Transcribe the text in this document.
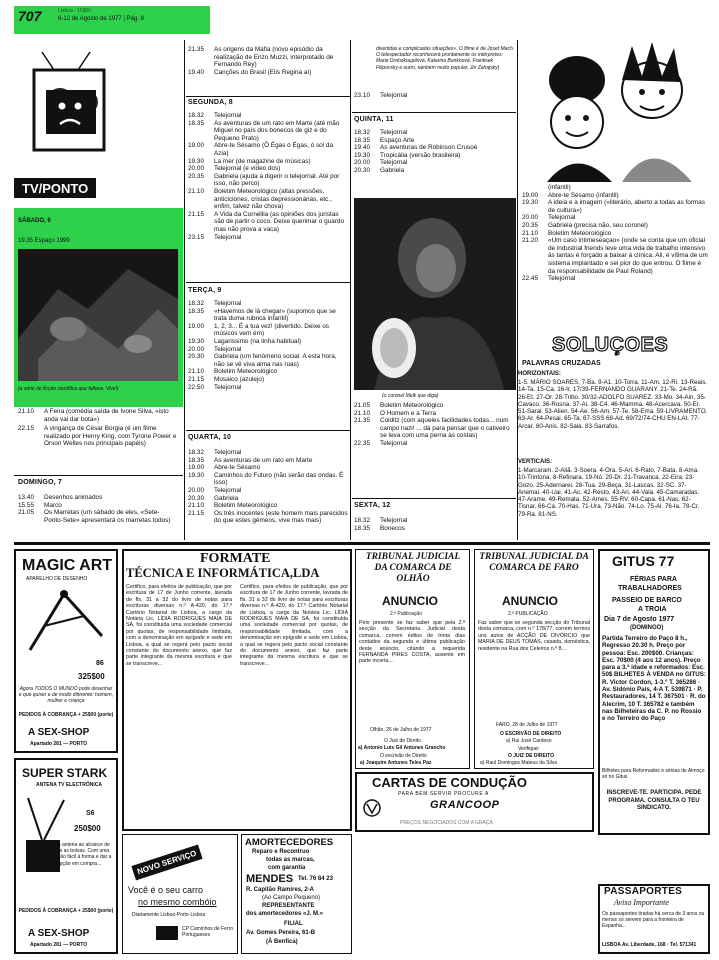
707	Lisboa · 15$00
6-12 de Agosto de 1977 | Pág. 8
TV/PONTO
SÁBADO, 6
19.35 Espaço 1999
(a série de ficção científica que faltava. Vive!)
21.10	A Feira (comédia saída de Ivone Silva, «isto anda vai dar bota»)
22.15	A vingança de César Borgia (é um filme realizado por Henry King, com Tyrone Power e Orson Welles nos principais papéis)
DOMINGO, 7
13.40	Desenhos animados
15.55	Marco
21.05	Os Marretas (um sábado de eles, «Sete-Ponto-Sete» apresentará os marretas todos)
21.35	As origens da Mafia (novo episódio da realização de Enzo Muzzi, interpretado de Fernando Rey)
19.40	Canções do Brasil (Elis Regina aí)
SEGUNDA, 8
18.32	Telejornal
18.35	As aventuras de um rato em Marte (até mão Miguel no país dos bonecos de giz e do Pequeno Prato)
19.00	Abre-te Sésamo (Ô Égas ó Égas, ó sol da Azia)
19.30	La mer (de magazine de músicas)
20.00	Telejornal (e vídeo dos)
20.35	Gabriela (ajuda a digerir o telejornal. Até por isso, não perco)
21.10	Boletim Meteorológico (altas pressões, anticiclones, cristas depressionárias, etc., enfim, talvez não chova)
21.15	A Vida da Cornéllia (as opiniões dos juristas são de partir o coco. Deixe querimar o guardo mas não prova a vaca)
23.15	Telejornal
TERÇA, 9
18.32	Telejornal
18.35	«Havemos de lá chegar» (supomos que se trata duma rubrica infantil)
19.00	1, 2, 3... É a tua vez! (divertido. Deixe os músicos vem ém)
19.30	Lagarissimo (na linha habitual)
20.00	Telejornal
20.30	Gabriela (um fenómeno social. A esta hora, não se vê viva alma nas ruas)
21.10	Boletim Meteorológico
21.15	Mosaico (azulejo)
22.50	Telejornal
QUARTA, 10
18.32	Telejornal
18.35	As aventuras de um rato em Marte
19.00	Abre-te Sésamo
19.30	Caminhos do Futuro (não serão das ondas. É isso)
20.00	Telejornal
20.30	Gabriela
21.10	Boletim Meteorológico
21.15	Os três inocentes (este homem mais parecidos do que estes gémeos, vive mas mais)
divertidas e complicadas situações». O filme é de Josef Mach. O telespectador reconhecerá prontamente os intérpretes: Marie Drahokoupilová, Katarina Bunknová, Frantisek Filipovsky e outro, também muito popular, Jiri Zahajsky)
23.10	Telejornal
QUINTA, 11
18.32	Telejornal
18.35	Espaço Arte
19.40	As aventuras de Robinson Crusoé
19.30	Tropicália (versão brasileira)
20.00	Telejornal
20.30	Gabriela
(o coronel Melk que diga)
21.05	Boletim Meteorológico
21.10	O Homem e a Terra
21.35	Colditz (com aqueles facilidades todas... num campo nazi! ... dá para pensar que o cativeiro se leva com uma perna às costas)
22.35	Telejornal
SEXTA, 12
18.32	Telejornal
18.35	Bonecos
(infantil)
19.00	Abre-te Sésamo (infantil)
19.30	A ideia e a imagem («literário, aberto a todas as formas de cultura»)
20.00	Telejornal
20.35	Gabriela (precisa não, seu coronel)
21.10	Boletim Meteorológico
21.20	«Um caso intimeseaçao» (onde se conta que um oficial de industrial friends leve uma vida de trabalho intensivo às tantas é forçado a baixar à clínica. Ali, é vítima de um sistema implantado e sei pior do que entrou. O filme é da responsabilidade de Paul Roland)
22.45	Telejornal
SOLUÇOES
PALAVRAS CRUZADAS
HORIZONTAIS:
1-5. MÁRIO SOARES, 7-Ba. 9-A1. 10-Torra. 11-Am. 12-Ri. 13-Reais. 14-Ta. 15-Ca. 16-Ir. 17/39-FERNANDO GUARANY. 21-Te. 24-Rã. 26-Et. 27-Or. 28-Tribo. 30/32-ADOLFO SUAREZ. 33-Mo. 34-Ain. 35-Cavaco. 36-Rosna. 37-Ai. 38-C4. 46-Mamma. 48-Acercava. 50-Er. 51-Sarai. 53-Alien. 54-Ae. 56-Am. 57-Te. 58-Ema. 59-LIVRAMENTO. 63-Ar. 64-Pesai. 65-Ta. 67-SSS 68-Ad. 69/72/74-CHU EN-LAI. 77-Arcar. 80-Anis. 82-Sala. 83-Sarrafos.
VERTICAIS:
1-Marcaram. 2-Aliã. 3-Soera. 4-Ora. 5-Ari. 6-Rato. 7-Bata. 8-Ama. 10-Trintona. 8-Refinara. 19-Nó. 20-Dr. 21-Travanca. 22-Eira. 23-Gozo. 25-Adernarei. 28-Tua. 29-Beça. 31-Lascas. 32-SC. 37-Anemai. 40-Uai. 41-Ac. 42-Resto. 43-Ari. 44-Vala. 45-Camaradas. 47-Arame. 49-Remata. 52-Ames. 55-RV. 60-Capa. 61-Nas. 62-Tisnar. 66-Ca. 70-Has. 71-Ura. 73-Não. 74-Lo. 75-Al. 76-Ia. 78-Cr. 79-Ra. 81-NS.
MAGIC ART
APARELHO DE DESENHO
86
325$00
Agora TODOS O MUNDO pode desenhar e que quiser e de modo diferente: homem, mulher e criança
PEDIDOS À COBRANÇA + 25$00 (porte)
A SEX-SHOP
Apartado 281 — PORTO
SUPER STARK
ANTENA TV ELECTRÓNICA
S6
250$00
Uma antena ao alcance de todas as bolsas. Com uma ligação fácil à forma e dar a recepção em compra...
PEDIDOS À COBRANÇA + 25$00 (porte)
A SEX-SHOP
Apartado 281 — PORTO
FORMATE
TÉCNICA E INFORMÁTICA,LDA
Certifico, para efeitos de publicação, que por escritura de 17 de Junho corrente, lavrada de fls. 31 a 32 do livro de notas para escrituras diversas n.º A-420, do 17.º Cartório Notarial de Lisboa, a cargo da Notária Lic. LÍDIA RODRIGUES MAIA DE SÁ, foi constituída uma sociedade comercial por quotas, de responsabilidade limitada, com a denominação em epígrafe e sede em Lisboa, a qual se regerá pelo pacto social constante do documento anexo, que faz parte integrante da mesma escritura e que se transcreve...
Certifico, para efeitos de publicação, que por escritura de 17 de Junho corrente, lavrada de fls. 31 a 32 do livro de notas para escrituras diversas n.º A-420, do 17.º Cartório Notarial de Lisboa, a cargo da Notária Lic. LÍDIA RODRIGUES MAIA DE SÁ, foi constituída uma sociedade comercial por quotas, de responsabilidade limitada, com a denominação em epígrafe e sede em Lisboa, a qual se regerá pelo pacto social constante do documento anexo, que faz parte integrante da mesma escritura e que se transcreve...
TRIBUNAL JUDICIAL DA COMARCA DE OLHÃO
ANUNCIO
2.ª Publicação
Pelo presente se faz saber que pela 2.ª secção da Secretaria Judicial desta comarca, correm éditos de trinta dias contados da segunda e última publicação deste anúncio, citando a requerida FERNANDA PIRES COSTA, ausente em parte incerta...
Olhão, 26 de Julho de 1977
O Juiz de Direito
a) Antonio Luis Gil Antunes Grancho
O escrivão de Direito
a) Joaquim Antunes Teles Paz
TRIBUNAL JUDICIAL DA COMARCA DE FARO
ANUNCIO
2.ª PUBLICAÇÃO
Faz saber que se segunda secção do Tribunal desta comarca, com n.º 178/77, correm termos uns autos de ACÇÃO DE DIVÓRCIO que MARIA DE DEUS TOMÁS, casada, doméstica, residente na Rua dos Celeiros n.º 8...
FARO, 28 de Julho de 1977
O ESCRIVÃO DE DIREITO
a) Rui José Cardoso
Verifiquei
O JUIZ DE DIREITO
a) Raul Domingos Mateus da Silva
CARTAS DE CONDUÇÃO
PARA BEM SERVIR PROCURE A
GRANCOOP
PREÇOS NEGOCIADOS COM A GRAÇA
NOVO SERVIÇO
Você é o seu carro
no mesmo combóio
Diariamente Lisboa·Porto·Lisboa
CP Caminhos de Ferro Portugueses
AMORTECEDORES
Reparo e Recontruo
todas as marcas,
com garantia
MENDES Tel. 76 84 23
R. Capitão Ramires, 2-A
(Ao Campo Pequeno)
REPRESENTANTE
dos amortecedores «J. M.»
FILIAL
Av. Gomes Pereira, 61-B
(À Benfica)
GITUS 77
FÉRIAS PARA
TRABALHADORES
PASSEIO DE BARCO
A TROIA
Dia 7 de Agosto 1977
(DOMINGO)
Partida Terreiro do Paço 8 h., Regresso 20.30 h. Preço por pessoa: Esc. 200$00. Crianças: Esc. 70$00 (4 aos 12 anos). Preço para a 3.ª idade e reformados: Esc. 50$ BILHETES À VENDA no GITUS: R. Victor Cordon, 1-3.º T. 365286 · Av. Sidónio Pais, 4-A T. 539871 · P. Restauradores, 14 T. 367501 · R. do Alecrim, 10 T. 365782 e também nas Bilheteiras da C. P. no Rossio e no Terreiro do Paço
Bilhetes para Reformados e sénias de Almoço só no Gitus
INSCREVE-TE. PARTICIPA. PEDE PROGRAMA. CONSULTA O TEU SINDICATO.
PASSAPORTES
Aviso Importante
Os passaportes tiradas há cerca de 3 anos ou menos só servem para a fronteira de Espanha...
LISBOA Av. Liberdade, 168 · Tel. 571341
